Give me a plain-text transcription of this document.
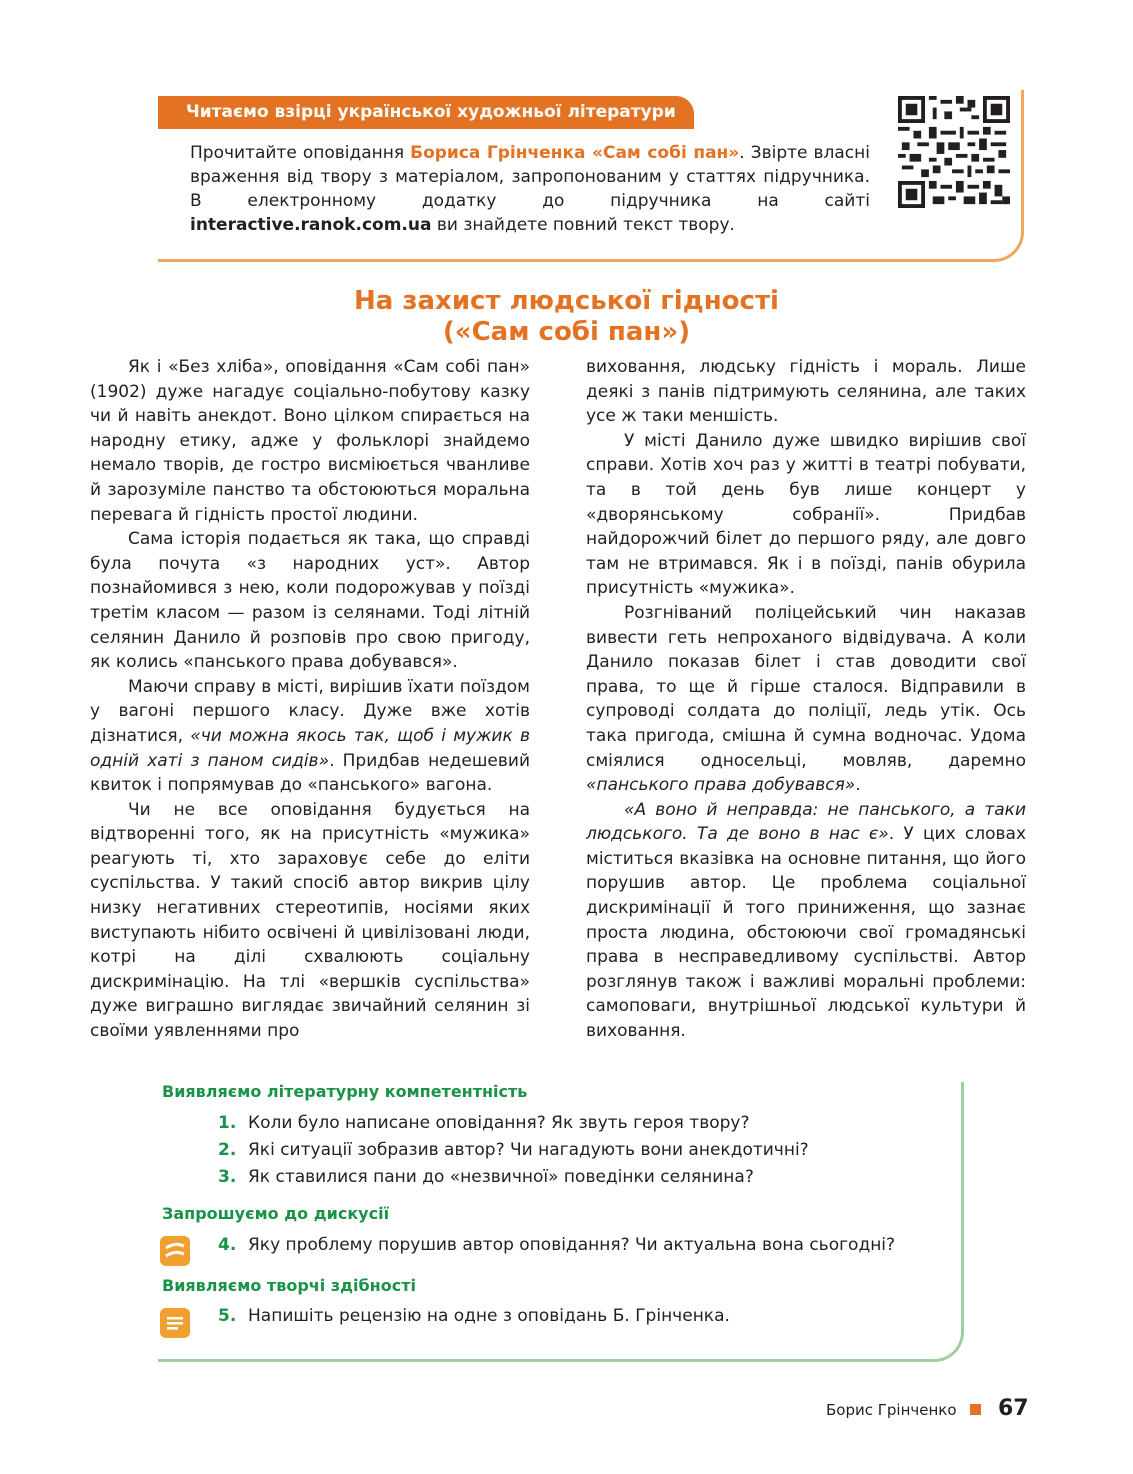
Читаємо взірці української художньої літератури
Прочитайте оповідання Бориса Грінченка «Сам собі пан». Звірте власні враження від твору з матеріалом, запропонованим у статтях підручника. В електронному додатку до підручника на сайті interactive.ranok.com.ua ви знайдете повний текст твору.
На захист людської гідності
(«Сам собі пан»)

Як і «Без хліба», оповідання «Сам собі пан» (1902) дуже нагадує соціально-побутову казку чи й навіть анекдот. Воно цілком спирається на народну етику, адже у фольклорі знайдемо немало творів, де гостро висміюється чванливе й зарозуміле панство та обстоюються моральна перевага й гідність простої людини.

Сама історія подається як така, що справді була почута «з народних уст». Автор познайомився з нею, коли подорожував у поїзді третім класом — разом із селянами. Тоді літній селянин Данило й розповів про свою пригоду, як колись «панського права добувався».

Маючи справу в місті, вирішив їхати поїздом у вагоні першого класу. Дуже вже хотів дізнатися, «чи можна якось так, щоб і мужик в одній хаті з паном сидів». Придбав недешевий квиток і попрямував до «панського» вагона.

Чи не все оповідання будується на відтворенні того, як на присутність «мужика» реагують ті, хто зараховує себе до еліти суспільства. У такий спосіб автор викрив цілу низку негативних стереотипів, носіями яких виступають нібито освічені й цивілізовані люди, котрі на ділі схвалюють соціальну дискримінацію. На тлі «вершків суспільства» дуже виграшно виглядає звичайний селянин зі своїми уявленнями про

виховання, людську гідність і мораль. Лише деякі з панів підтримують селянина, але таких усе ж таки меншість.

У місті Данило дуже швидко вирішив свої справи. Хотів хоч раз у житті в театрі побувати, та в той день був лише концерт у «дворянському собранії». Придбав найдорожчий білет до першого ряду, але довго там не втримався. Як і в поїзді, панів обурила присутність «мужика».

Розгніваний поліцейський чин наказав вивести геть непроханого відвідувача. А коли Данило показав білет і став доводити свої права, то ще й гірше сталося. Відправили в супроводі солдата до поліції, ледь утік. Ось така пригода, смішна й сумна водночас. Удома сміялися односельці, мовляв, даремно «панського права добувався».

«А воно й неправда: не панського, а таки людського. Та де воно в нас є». У цих словах міститься вказівка на основне питання, що його порушив автор. Це проблема соціальної дискримінації й того приниження, що зазнає проста людина, обстоюючи свої громадянські права в несправедливому суспільстві. Автор розглянув також і важливі моральні проблеми: самоповаги, внутрішньої людської культури й виховання.

Виявляємо літературну компетентність
1. Коли було написане оповідання? Як звуть героя твору?
2. Які ситуації зобразив автор? Чи нагадують вони анекдотичні?
3. Як ставилися пани до «незвичної» поведінки селянина?
Запрошуємо до дискусії
4. Яку проблему порушив автор оповідання? Чи актуальна вона сьогодні?
Виявляємо творчі здібності
5. Напишіть рецензію на одне з оповідань Б. Грінченка.
Борис Грінченко 67
